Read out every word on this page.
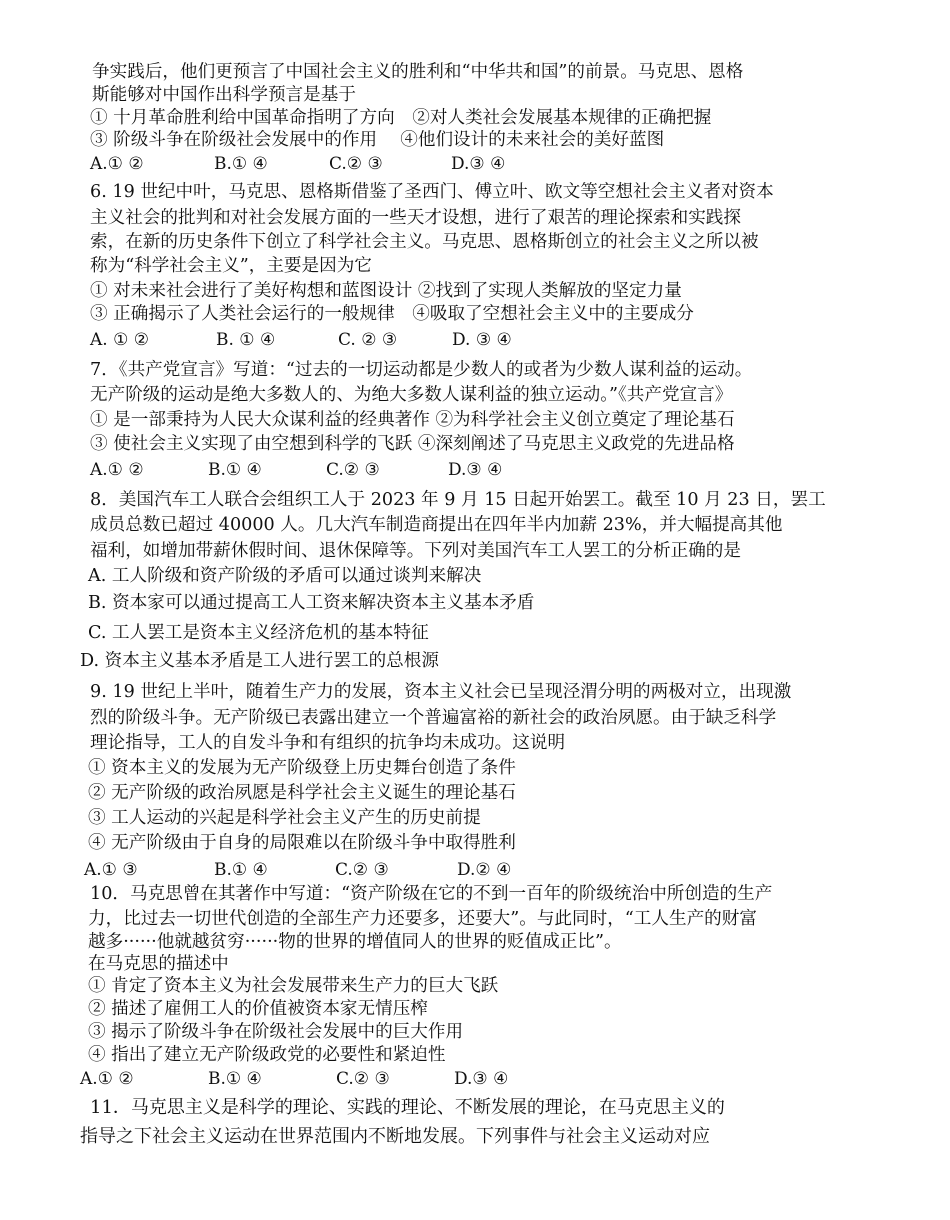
争实践后，他们更预言了中国社会主义的胜利和“中华共和国”的前景。马克思、恩格
斯能够对中国作出科学预言是基于
① 十月革命胜利给中国革命指明了方向　②对人类社会发展基本规律的正确把握
③ 阶级斗争在阶级社会发展中的作用　 ④他们设计的未来社会的美好蓝图
A.① ②	B.① ④	C.② ③	D.③ ④
6. 19 世纪中叶，马克思、恩格斯借鉴了圣西门、傅立叶、欧文等空想社会主义者对资本
主义社会的批判和对社会发展方面的一些天才设想，进行了艰苦的理论探索和实践探
索，在新的历史条件下创立了科学社会主义。马克思、恩格斯创立的社会主义之所以被
称为“科学社会主义”，主要是因为它
① 对未来社会进行了美好构想和蓝图设计 ②找到了实现人类解放的坚定力量
③ 正确揭示了人类社会运行的一般规律　④吸取了空想社会主义中的主要成分
A. ① ②	B. ① ④	C. ② ③	D. ③ ④
7．《共产党宣言》写道：“过去的一切运动都是少数人的或者为少数人谋利益的运动。
无产阶级的运动是绝大多数人的、为绝大多数人谋利益的独立运动。”《共产党宣言》
① 是一部秉持为人民大众谋利益的经典著作 ②为科学社会主义创立奠定了理论基石
③ 使社会主义实现了由空想到科学的飞跃 ④深刻阐述了马克思主义政党的先进品格
A.① ②	B.① ④	C.② ③	D.③ ④
8．美国汽车工人联合会组织工人于 2023 年 9 月 15 日起开始罢工。截至 10 月 23 日，罢工
成员总数已超过 40000 人。几大汽车制造商提出在四年半内加薪 23%，并大幅提高其他
福利，如增加带薪休假时间、退休保障等。下列对美国汽车工人罢工的分析正确的是
A. 工人阶级和资产阶级的矛盾可以通过谈判来解决
B. 资本家可以通过提高工人工资来解决资本主义基本矛盾
C. 工人罢工是资本主义经济危机的基本特征
D. 资本主义基本矛盾是工人进行罢工的总根源
9. 19 世纪上半叶，随着生产力的发展，资本主义社会已呈现泾渭分明的两极对立，出现激
烈的阶级斗争。无产阶级已表露出建立一个普遍富裕的新社会的政治夙愿。由于缺乏科学
理论指导，工人的自发斗争和有组织的抗争均未成功。这说明
① 资本主义的发展为无产阶级登上历史舞台创造了条件
② 无产阶级的政治夙愿是科学社会主义诞生的理论基石
③ 工人运动的兴起是科学社会主义产生的历史前提
④ 无产阶级由于自身的局限难以在阶级斗争中取得胜利
A.① ③	B.① ④	C.② ③	D.② ④
10．马克思曾在其著作中写道：“资产阶级在它的不到一百年的阶级统治中所创造的生产
力，比过去一切世代创造的全部生产力还要多，还要大”。与此同时，“工人生产的财富
越多······他就越贫穷······物的世界的增值同人的世界的贬值成正比”。
在马克思的描述中
① 肯定了资本主义为社会发展带来生产力的巨大飞跃
② 描述了雇佣工人的价值被资本家无情压榨
③ 揭示了阶级斗争在阶级社会发展中的巨大作用
④ 指出了建立无产阶级政党的必要性和紧迫性
A.① ②	B.① ④	C.② ③	D.③ ④
11．马克思主义是科学的理论、实践的理论、不断发展的理论，在马克思主义的
指导之下社会主义运动在世界范围内不断地发展。下列事件与社会主义运动对应
